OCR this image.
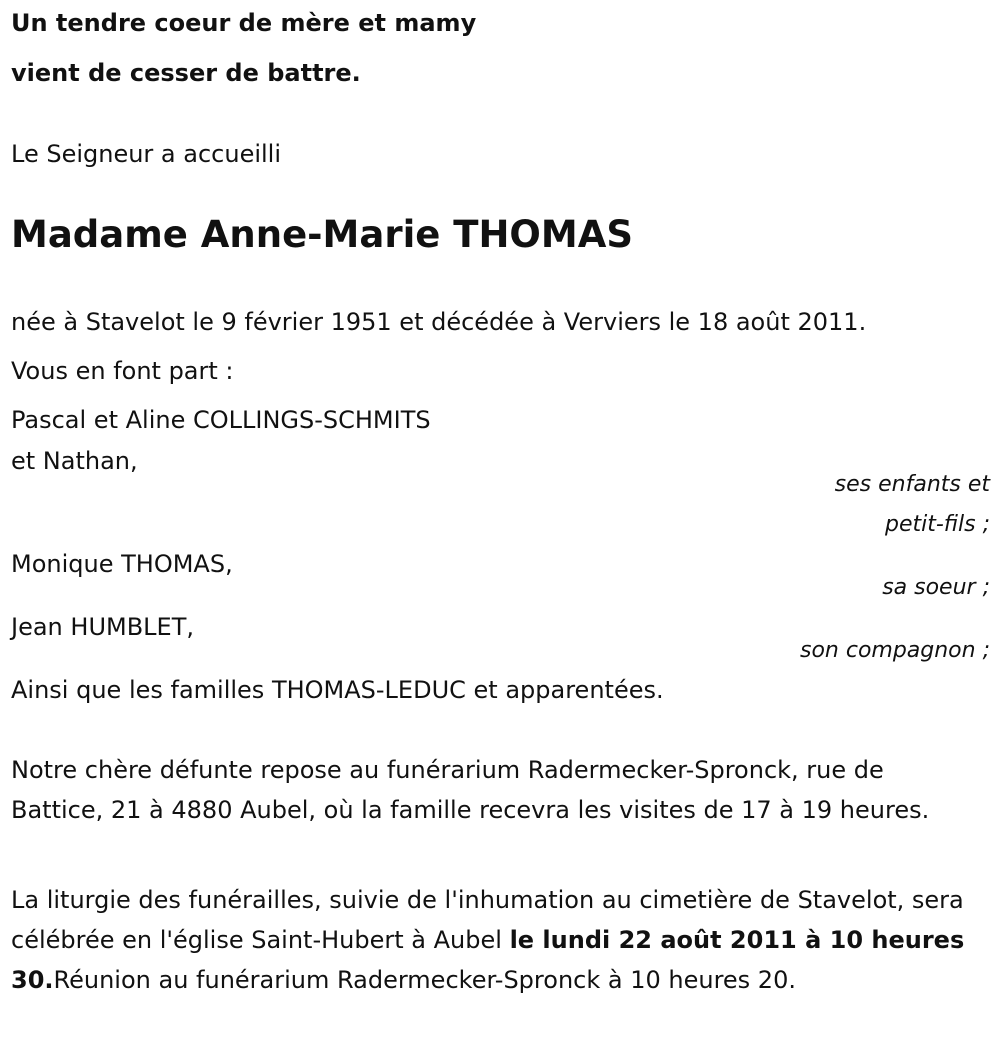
Un tendre coeur de mère et mamy
vient de cesser de battre.
Le Seigneur a accueilli
Madame Anne-Marie THOMAS
née à Stavelot le 9 février 1951 et décédée à Verviers le 18 août 2011.
Vous en font part :
Pascal et Aline COLLINGS-SCHMITS
et Nathan,
ses enfants et
petit-fils ;
Monique THOMAS,
sa soeur ;
Jean HUMBLET,
son compagnon ;
Ainsi que les familles THOMAS-LEDUC et apparentées.
Notre chère défunte repose au funérarium Radermecker-Spronck, rue de Battice, 21 à 4880 Aubel, où la famille recevra les visites de 17 à 19 heures.
La liturgie des funérailles, suivie de l'inhumation au cimetière de Stavelot, sera célébrée en l'église Saint-Hubert à Aubel le lundi 22 août 2011 à 10 heures 30.Réunion au funérarium Radermecker-Spronck à 10 heures 20.
